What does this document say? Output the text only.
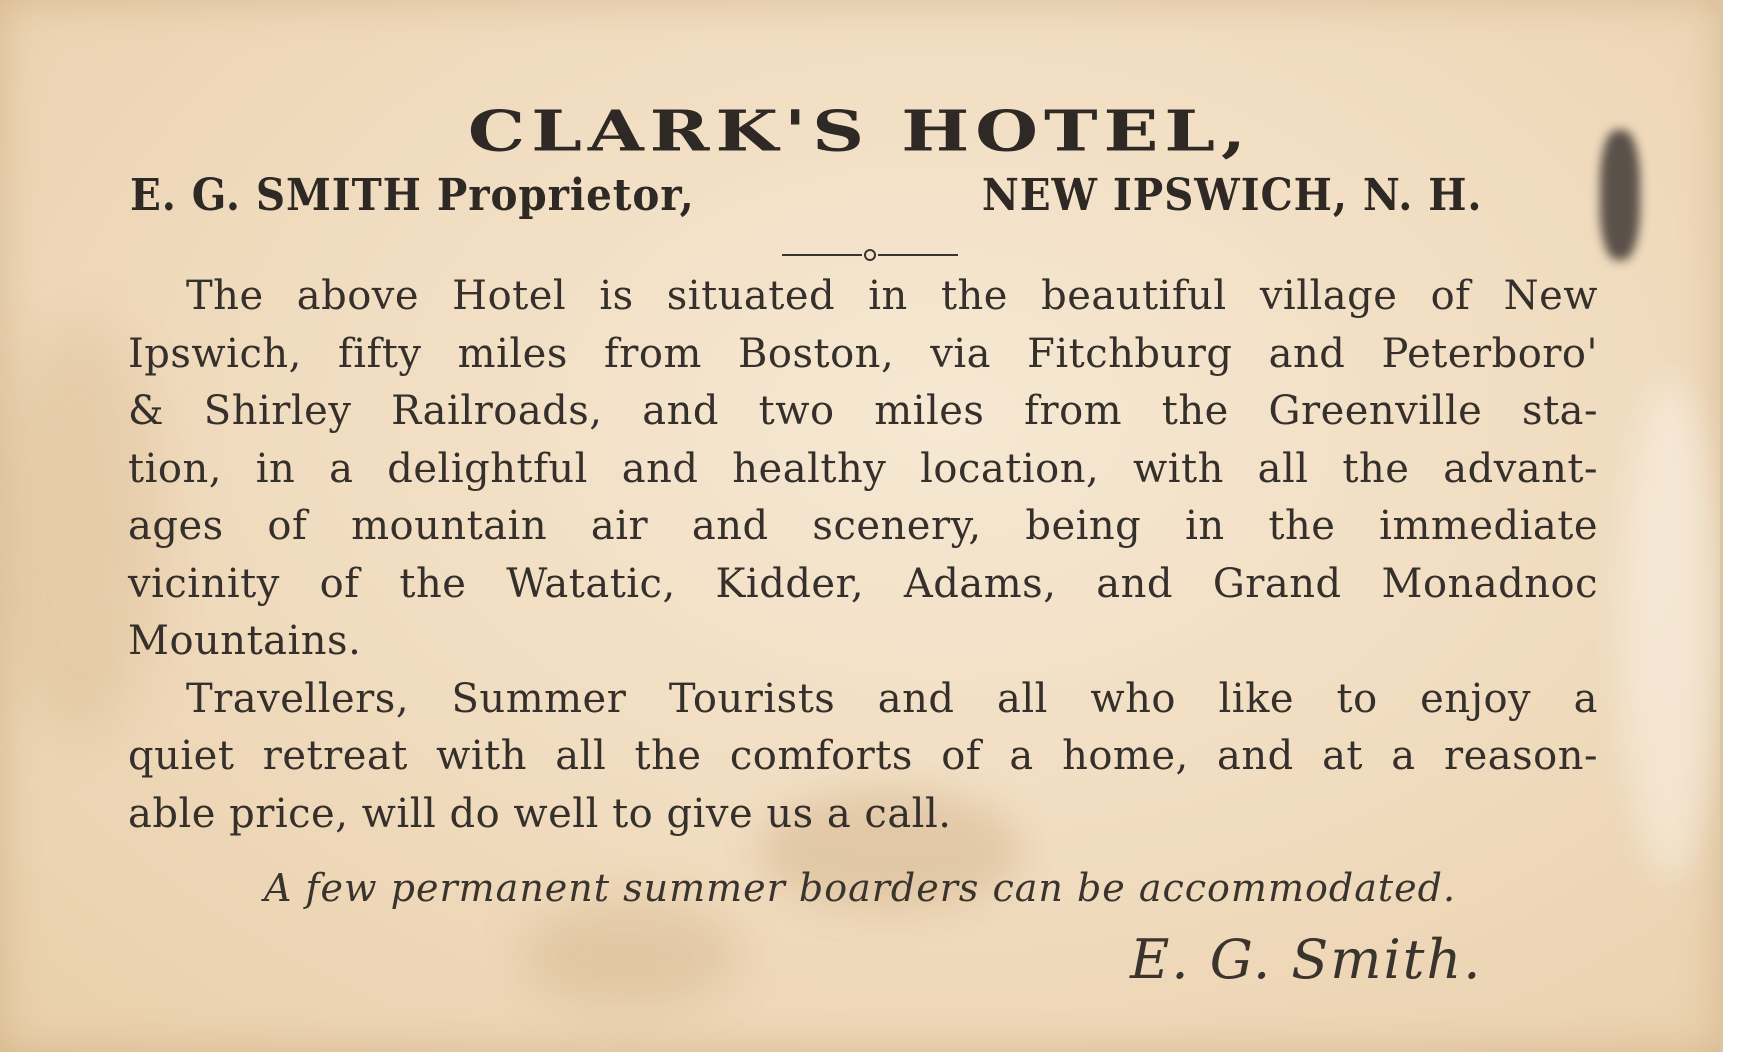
CLARK'S HOTEL,
E. G. SMITH Proprietor,	NEW IPSWICH, N. H.
The above Hotel is situated in the beautiful village of New
Ipswich, fifty miles from Boston, via Fitchburg and Peterboro'
& Shirley Railroads, and two miles from the Greenville sta-
tion, in a delightful and healthy location, with all the advant-
ages of mountain air and scenery, being in the immediate
vicinity of the Watatic, Kidder, Adams, and Grand Monadnoc
Mountains.
Travellers, Summer Tourists and all who like to enjoy a
quiet retreat with all the comforts of a home, and at a reason-
able price, will do well to give us a call.
A few permanent summer boarders can be accommodated.
E. G. Smith.
